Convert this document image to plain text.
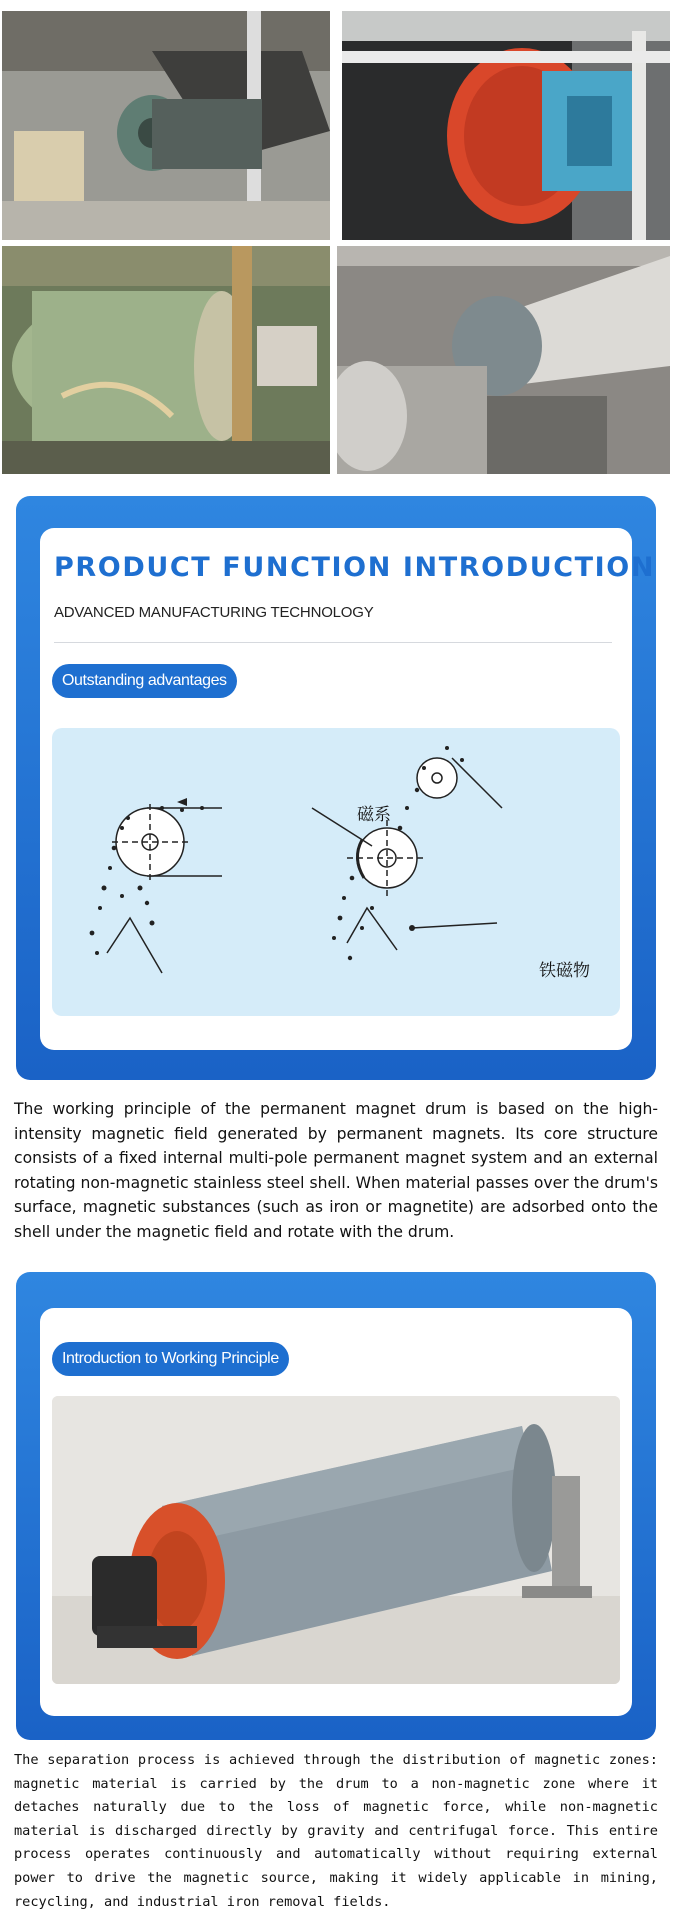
PRODUCT FUNCTION INTRODUCTION
ADVANCED MANUFACTURING TECHNOLOGY
Outstanding advantages
磁系
铁磁物
The working principle of the permanent magnet drum is based on the high-intensity magnetic field generated by permanent magnets. Its core structure consists of a fixed internal multi-pole permanent magnet system and an external rotating non-magnetic stainless steel shell. When material passes over the drum's surface, magnetic substances (such as iron or magnetite) are adsorbed onto the shell under the magnetic field and rotate with the drum.
Introduction to Working Principle
The separation process is achieved through the distribution of magnetic zones: magnetic material is carried by the drum to a non-magnetic zone where it detaches naturally due to the loss of magnetic force, while non-magnetic material is discharged directly by gravity and centrifugal force. This entire process operates continuously and automatically without requiring external power to drive the magnetic source, making it widely applicable in mining, recycling, and industrial iron removal fields.
